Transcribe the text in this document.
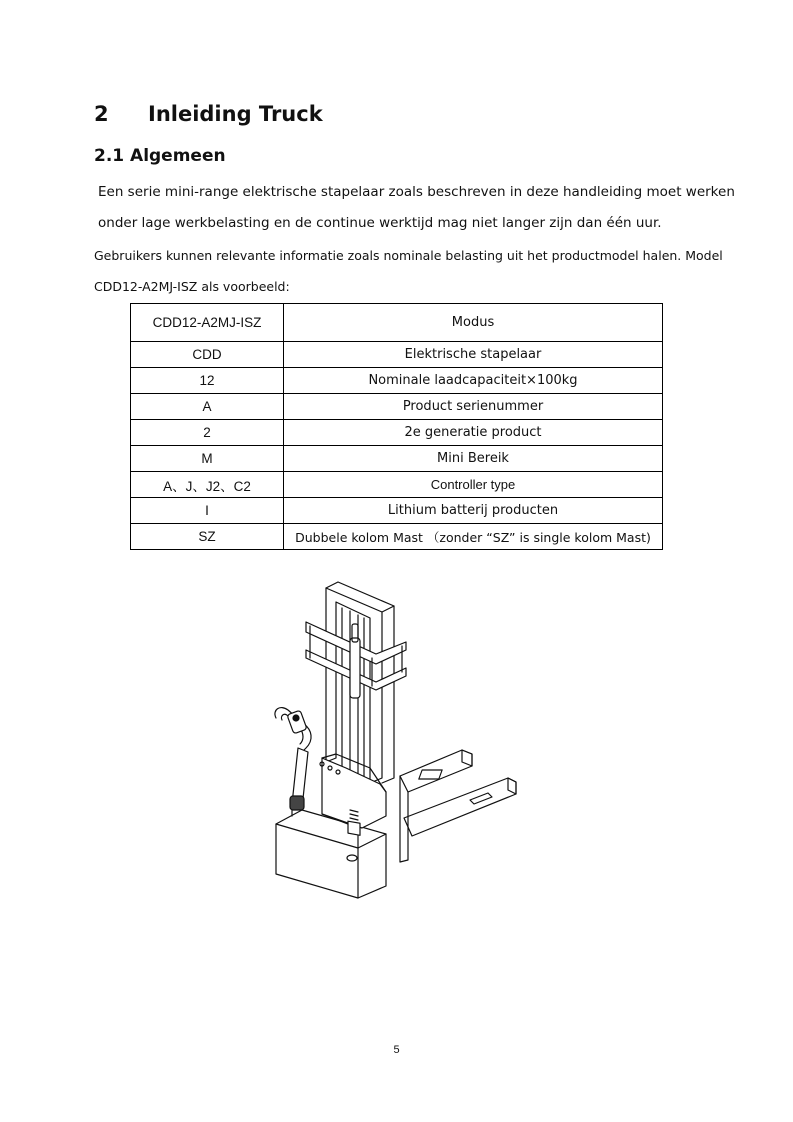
2 Inleiding Truck
2.1 Algemeen

Een serie mini-range elektrische stapelaar zoals beschreven in deze handleiding moet werken

onder lage werkbelasting en de continue werktijd mag niet langer zijn dan één uur.

Gebruikers kunnen relevante informatie zoals nominale belasting uit het productmodel halen. Model

CDD12-A2MJ-ISZ als voorbeeld:

CDD12-A2MJ-ISZ	Modus
CDD	Elektrische stapelaar
12	Nominale laadcapaciteit×100kg
A	Product serienummer
2	2e generatie product
M	Mini Bereik
A、J、J2、C2	Controller type
I	Lithium batterij producten
SZ	Dubbele kolom Mast （zonder “SZ” is single kolom Mast)
5
